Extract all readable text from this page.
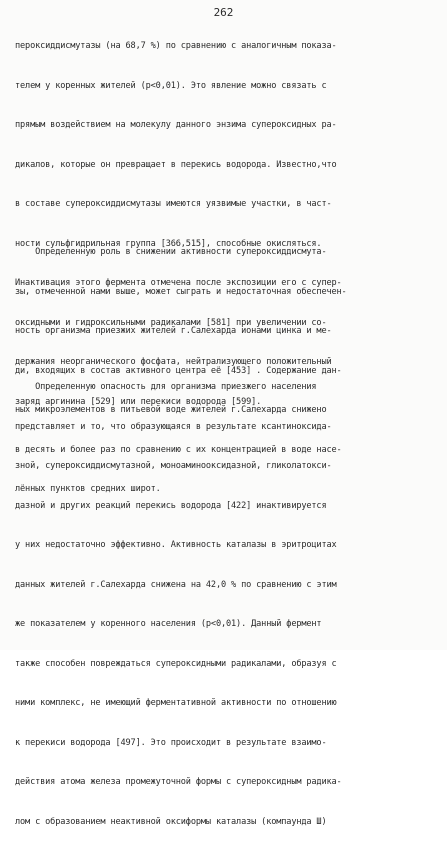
262

пероксиддисмутазы (на 68,7 %) по сравнению с аналогичным показа-

телем у коренных жителей (р<0,01). Это явление можно связать с

прямым воздействием на молекулу данного энзима супероксидных ра-

дикалов, которые он превращает в перекись водорода. Известно,что

в составе супероксиддисмутазы имеются уязвимые участки, в част-

ности сульфгидрильная группа [366,515], способные окисляться.

Инактивация этого фермента отмечена после экспозиции его с супер-

оксидными и гидроксильными радикалами [581] при увеличении со-

держания неорганического фосфата, нейтрализующего положительный

заряд аргинина [529] или перекиси водорода [599].

Определенную роль в снижении активности супероксиддисмута-

зы, отмеченной нами выше, может сыграть и недостаточная обеспечен-

ность организма приезжих жителей г.Салехарда ионами цинка и ме-

ди, входящих в состав активного центра её [453] . Содержание дан-

ных микроэлементов в питьевой воде жителей г.Салехарда снижено

в десять и более раз по сравнению с их концентрацией в воде насе-

лённых пунктов средних широт.

Определенную опасность для организма приезжего населения

представляет и то, что образующаяся в результате ксантиноксида-

зной, супероксиддисмутазной, моноаминооксидазной, гликолатокси-

дазной и других реакций перекись водорода [422] инактивируется

у них недостаточно эффективно. Активность каталазы в эритроцитах

данных жителей г.Салехарда снижена на 42,0 % по сравнению с этим

же показателем у коренного населения (р<0,01). Данный фермент

также способен повреждаться супероксидными радикалами, образуя с

ними комплекс, не имеющий ферментативной активности по отношению

к перекиси водорода [497]. Это происходит в результате взаимо-

действия атома железа промежуточной формы с супероксидным радика-

лом с образованием неактивной оксиформы каталазы (компаунда Ш)
